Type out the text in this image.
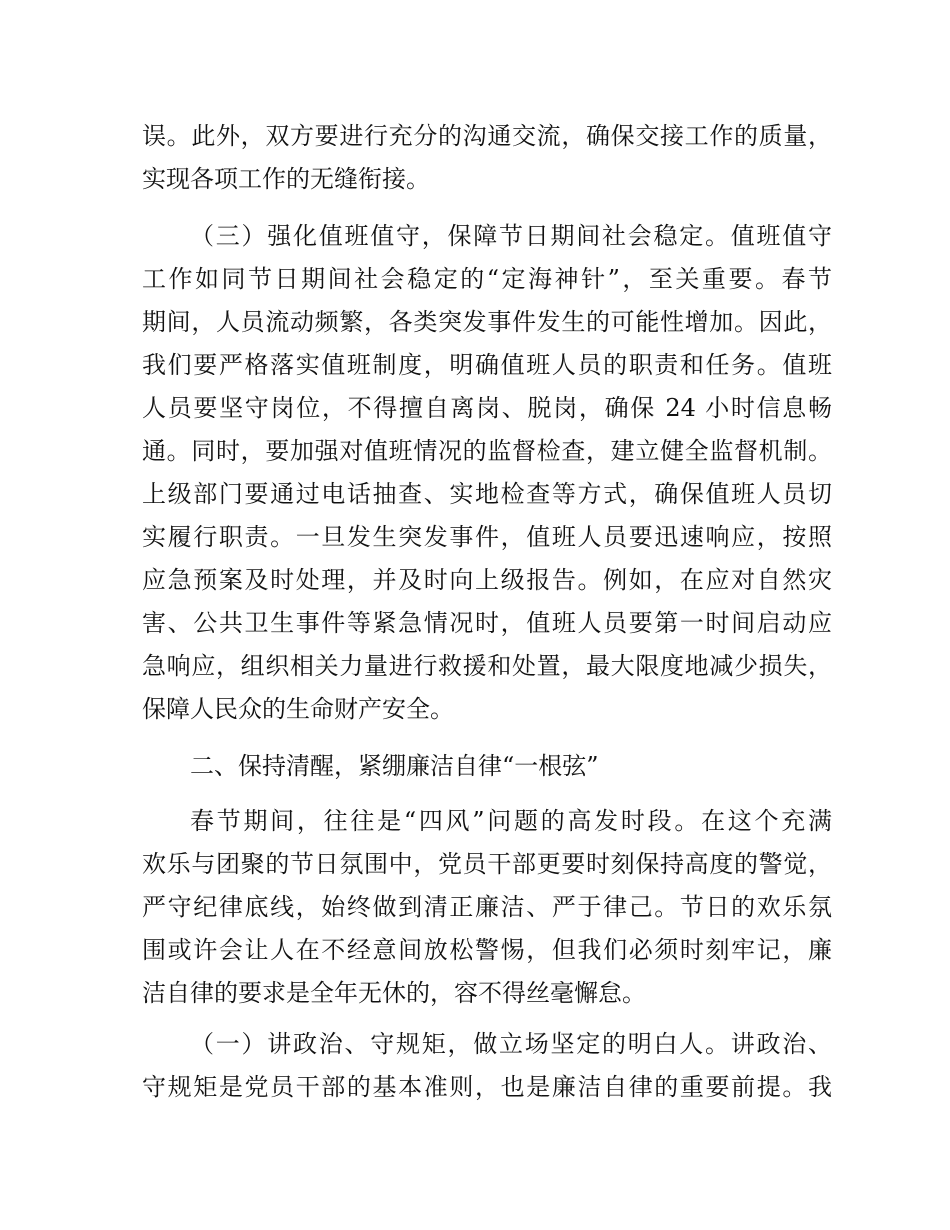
误。此外，双方要进行充分的沟通交流，确保交接工作的质量，
实现各项工作的无缝衔接。
（三）强化值班值守，保障节日期间社会稳定。值班值守
工作如同节日期间社会稳定的“定海神针”，至关重要。春节
期间，人员流动频繁，各类突发事件发生的可能性增加。因此，
我们要严格落实值班制度，明确值班人员的职责和任务。值班
人员要坚守岗位，不得擅自离岗、脱岗，确保 24 小时信息畅
通。同时，要加强对值班情况的监督检查，建立健全监督机制。
上级部门要通过电话抽查、实地检查等方式，确保值班人员切
实履行职责。一旦发生突发事件，值班人员要迅速响应，按照
应急预案及时处理，并及时向上级报告。例如，在应对自然灾
害、公共卫生事件等紧急情况时，值班人员要第一时间启动应
急响应，组织相关力量进行救援和处置，最大限度地减少损失，
保障人民众的生命财产安全。
二、保持清醒，紧绷廉洁自律“一根弦”
春节期间，往往是“四风”问题的高发时段。在这个充满
欢乐与团聚的节日氛围中，党员干部更要时刻保持高度的警觉，
严守纪律底线，始终做到清正廉洁、严于律己。节日的欢乐氛
围或许会让人在不经意间放松警惕，但我们必须时刻牢记，廉
洁自律的要求是全年无休的，容不得丝毫懈怠。
（一）讲政治、守规矩，做立场坚定的明白人。讲政治、
守规矩是党员干部的基本准则，也是廉洁自律的重要前提。我
